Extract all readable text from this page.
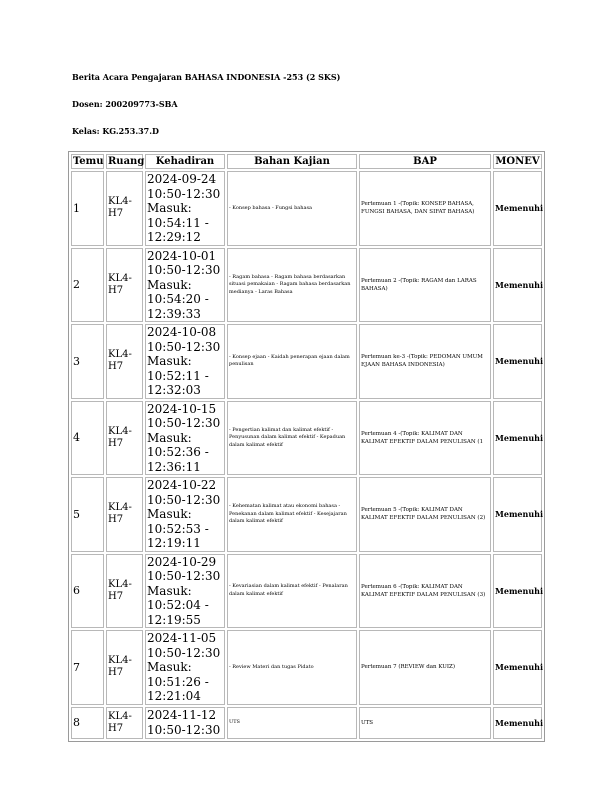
Berita Acara Pengajaran BAHASA INDONESIA -253 (2 SKS)
Dosen: 200209773-SBA
Kelas: KG.253.37.D
Temu	Ruang	Kehadiran	Bahan Kajian	BAP	MONEV
1	KL4-H7	2024-09-24
10:50-12:30
Masuk:
10:54:11 -
12:29:12	- Konsep bahasa - Fungsi bahasa	Pertemuan 1 -(Topik: KONSEP BAHASA, FUNGSI BAHASA, DAN SIFAT BAHASA)	Memenuhi
2	KL4-H7	2024-10-01
10:50-12:30
Masuk:
10:54:20 -
12:39:33	- Ragam bahasa - Ragam bahasa berdasarkan situasi pemakaian - Ragam bahasa berdasarkan medianya - Laras Bahasa	Pertemuan 2 -(Topik: RAGAM dan LARAS BAHASA)	Memenuhi
3	KL4-H7	2024-10-08
10:50-12:30
Masuk:
10:52:11 -
12:32:03	- Konsep ejaan - Kaidah penerapan ejaan dalam penulisan	Pertemuan ke-3 -(Topik: PEDOMAN UMUM EJAAN BAHASA INDONESIA)	Memenuhi
4	KL4-H7	2024-10-15
10:50-12:30
Masuk:
10:52:36 -
12:36:11	- Pengertian kalimat dan kalimat efektif - Penyusunan dalam kalimat efektif - Kepaduan dalam kalimat efektif	Pertemuan 4 -(Topik: KALIMAT DAN KALIMAT EFEKTIF DALAM PENULISAN (1	Memenuhi
5	KL4-H7	2024-10-22
10:50-12:30
Masuk:
10:52:53 -
12:19:11	- Kehematan kalimat atau ekonomi bahasa - Penekanan dalam kalimat efektif - Kesejajaran dalam kalimat efektif	Pertemuan 5 -(Topik: KALIMAT DAN KALIMAT EFEKTIF DALAM PENULISAN (2)	Memenuhi
6	KL4-H7	2024-10-29
10:50-12:30
Masuk:
10:52:04 -
12:19:55	- Kevariasian dalam kalimat efektif - Penalaran dalam kalimat efektif	Pertemuan 6 -(Topik: KALIMAT DAN KALIMAT EFEKTIF DALAM PENULISAN (3)	Memenuhi
7	KL4-H7	2024-11-05
10:50-12:30
Masuk:
10:51:26 -
12:21:04	- Review Materi dan tugas Pidato	Pertemuan 7 (REVIEW dan KUIZ)	Memenuhi
8	KL4-H7	2024-11-12
10:50-12:30	UTS	UTS	Memenuhi
